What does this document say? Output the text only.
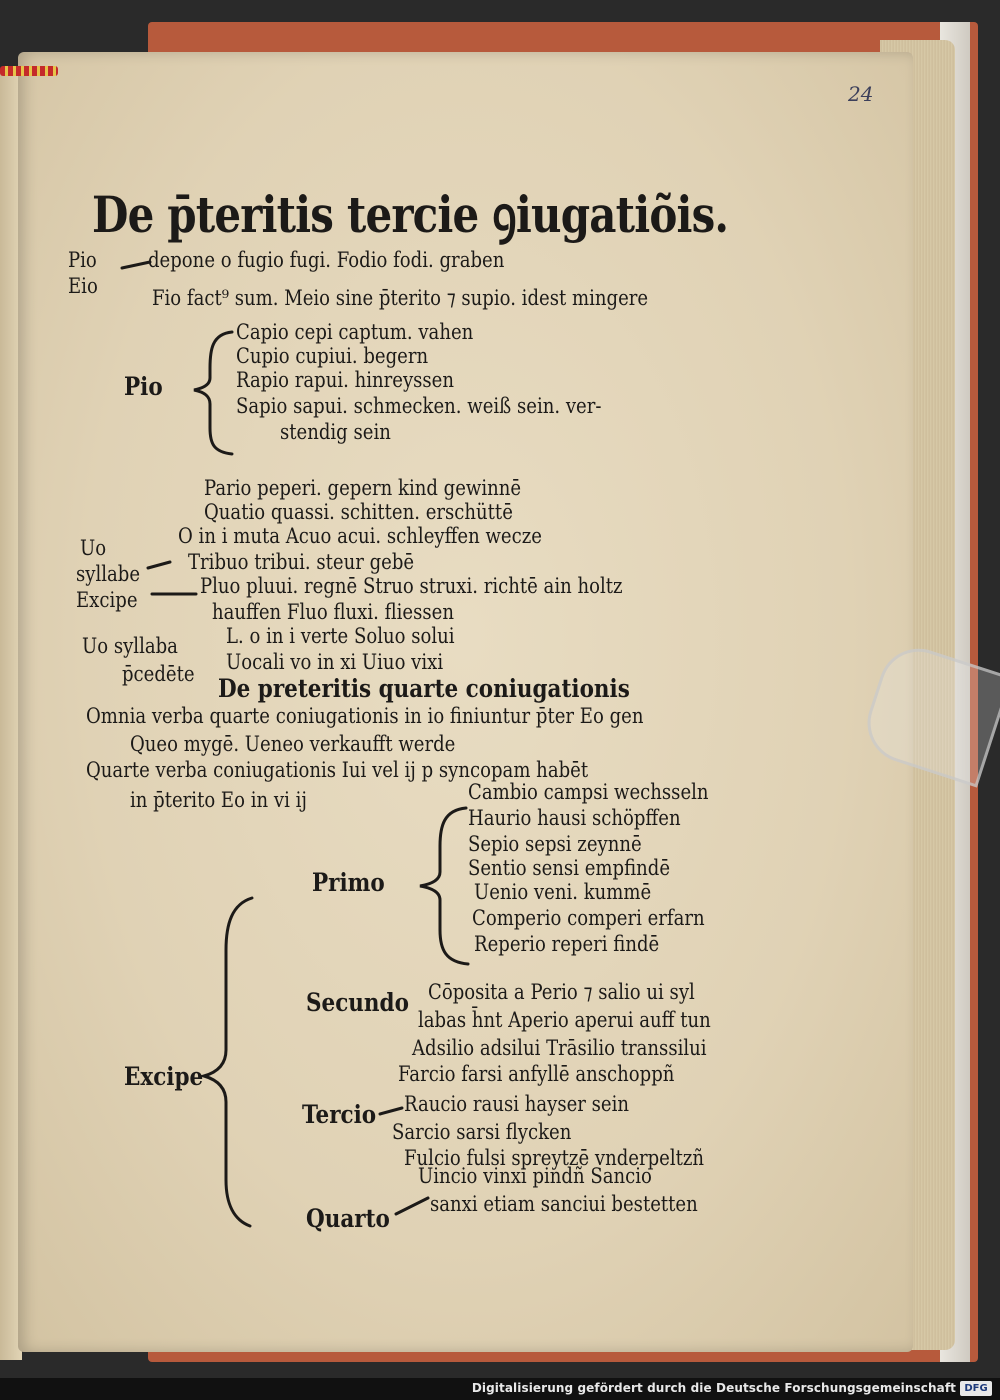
24
De p̄teritis tercie ꝯiugatiõis.
Pio depone o fugio fugi. Fodio fodi. graben
Eio	Fio fact⁹ sum. Meio sine p̄terito ⁊ supio. idest mingere
Pio
Capio cepi captum. vahen
Cupio cupiui. begern
Rapio rapui. hinreyssen
Sapio sapui. schmecken. weiß sein. ver-
stendig sein
Pario peperi. gepern kind gewinnē
Quatio quassi. schitten. erschüttē
Uo
syllabe
Excipe
O in i muta Acuo acui. schleyffen wecze
Tribuo tribui. steur gebē
Pluo pluui. regnē Struo struxi. richtē ain holtz
hauffen Fluo fluxi. fliessen
Uo syllaba
p̄cedēte
L. o in i verte Soluo solui
Uocali vo in xi Uiuo vixi
De preteritis quarte coniugationis
Omnia verba quarte coniugationis in io finiuntur p̄ter Eo gen
Queo mygē. Ueneo verkaufft werde
Quarte verba coniugationis Iui vel ij p syncopam habēt
in p̄terito Eo in vi ij
Primo
Cambio campsi wechsseln
Haurio hausi schöpffen
Sepio sepsi zeynnē
Sentio sensi empfindē
Uenio veni. kummē
Comperio comperi erfarn
Reperio reperi findē
Excipe
Secundo Cōposita a Perio ⁊ salio ui syl
labas h̄nt Aperio aperui auff tun
Adsilio adsilui Trāsilio transsilui
Farcio farsi anfyllē anschoppñ
Tercio Raucio rausi hayser sein
Sarcio sarsi flycken
Fulcio fulsi spreytzē vnderpeltzñ
Uincio vinxi pindñ Sancio
Quarto sanxi etiam sanciui bestetten
Digitalisierung gefördert durch die Deutsche Forschungsgemeinschaft DFG
